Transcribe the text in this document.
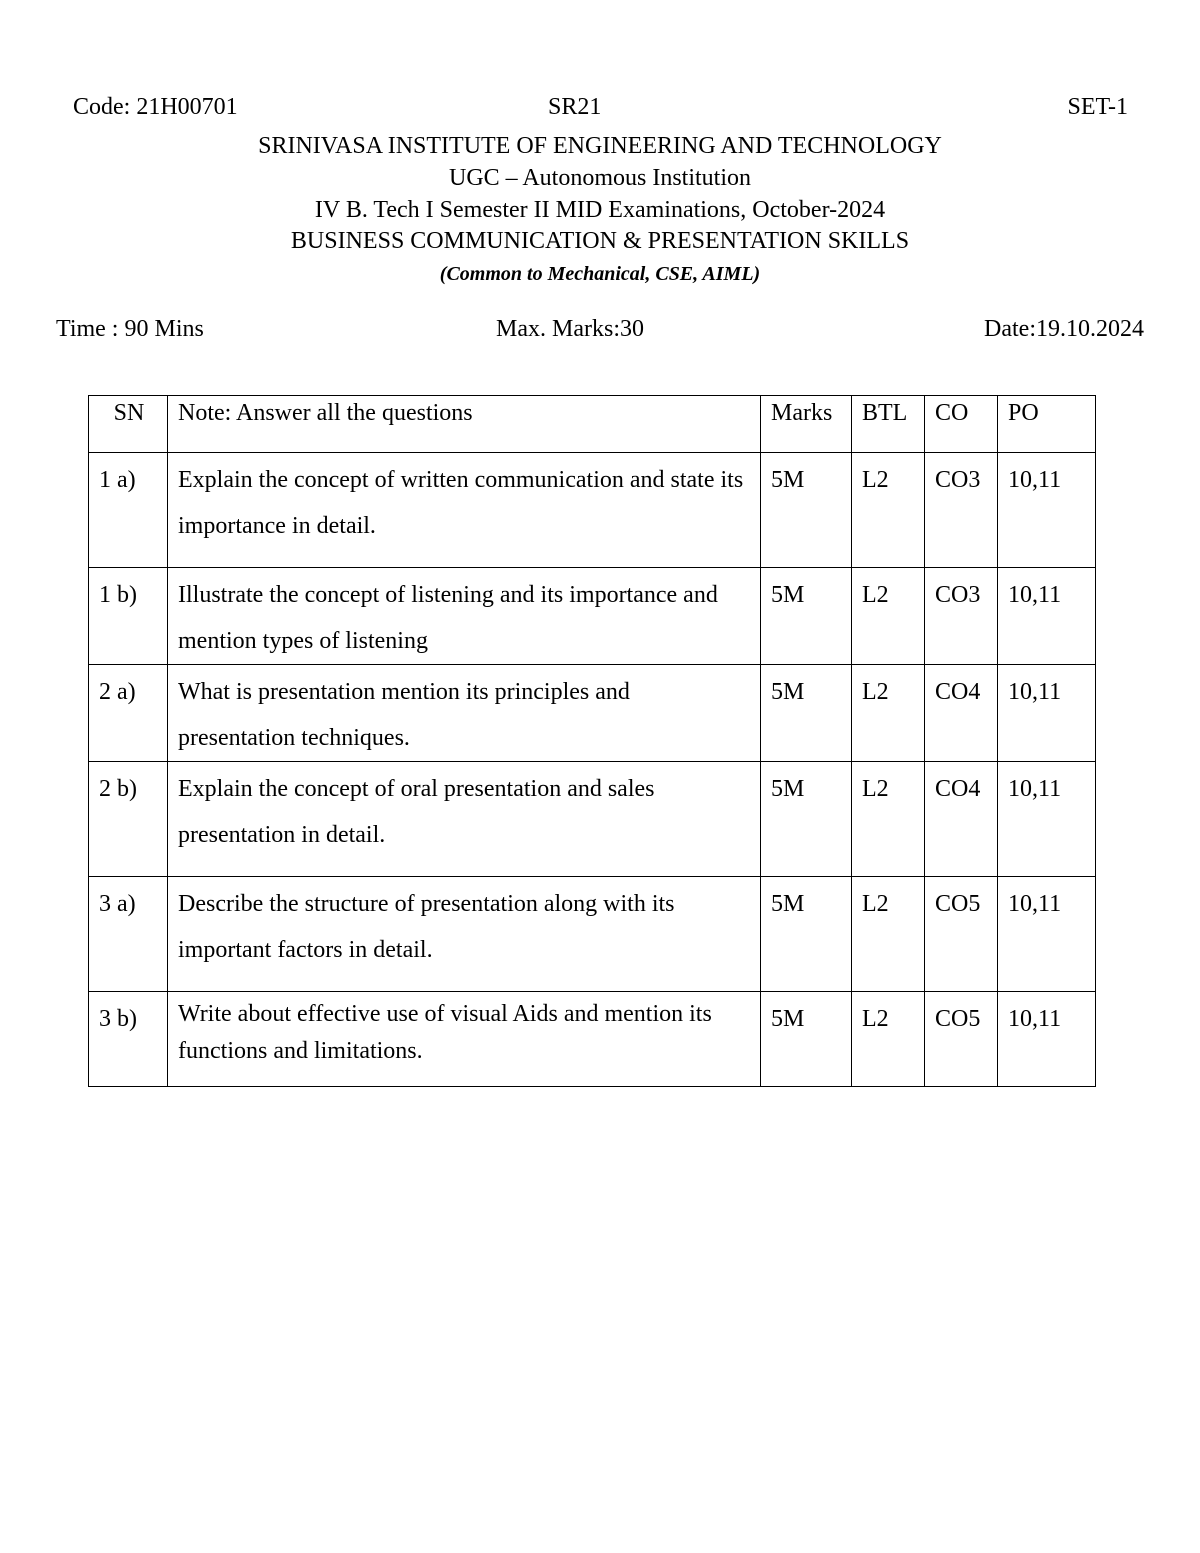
Code: 21H00701	SR21	SET-1
SRINIVASA INSTITUTE OF ENGINEERING AND TECHNOLOGY
UGC – Autonomous Institution
IV B. Tech I Semester II MID Examinations, October-2024
BUSINESS COMMUNICATION & PRESENTATION SKILLS
(Common to Mechanical, CSE, AIML)
Time : 90 Mins	Max. Marks:30	Date:19.10.2024
SN	Note: Answer all the questions	Marks	BTL	CO	PO
1 a)	Explain the concept of written communication and state its importance in detail.	5M	L2	CO3	10,11
1 b)	Illustrate the concept of listening and its importance and mention types of listening	5M	L2	CO3	10,11
2 a)	What is presentation mention its principles and presentation techniques.	5M	L2	CO4	10,11
2 b)	Explain the concept of oral presentation and sales presentation in detail.	5M	L2	CO4	10,11
3 a)	Describe the structure of presentation along with its important factors in detail.	5M	L2	CO5	10,11
3 b)	Write about effective use of visual Aids and mention its functions and limitations.	5M	L2	CO5	10,11
